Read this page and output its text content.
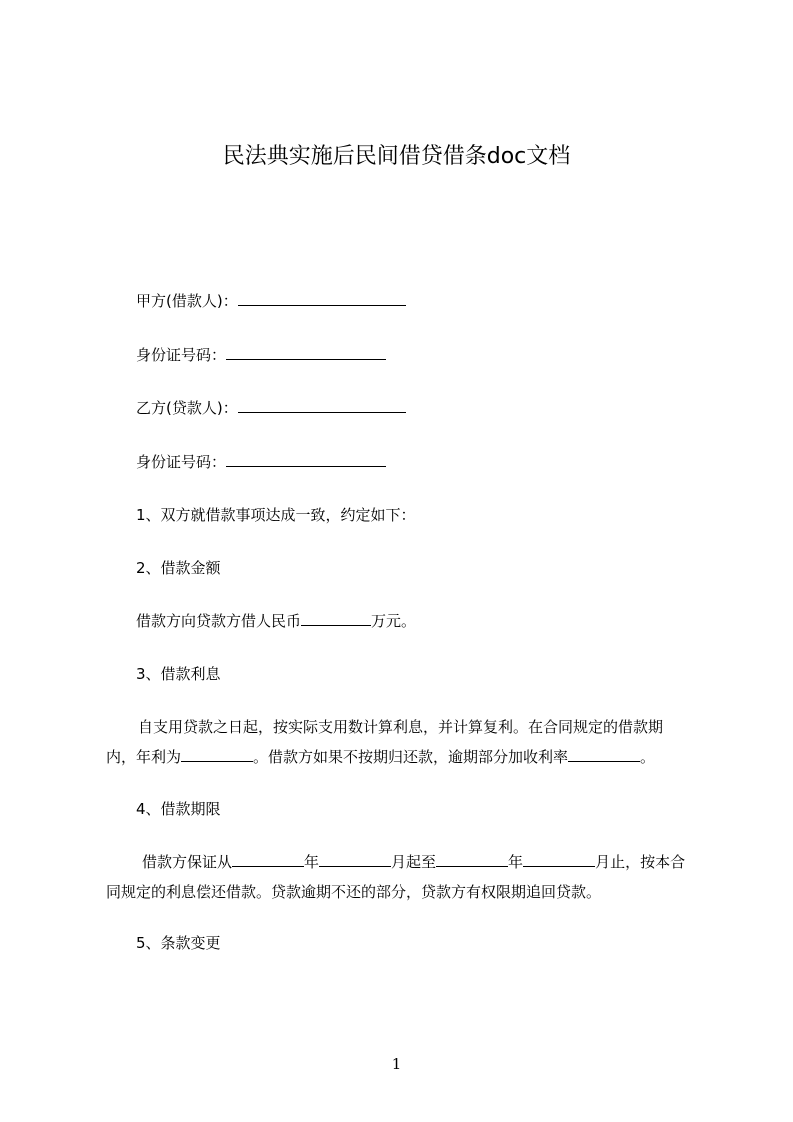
民法典实施后民间借贷借条doc文档
甲方(借款人)：
身份证号码：
乙方(贷款人)：
身份证号码：
1、双方就借款事项达成一致，约定如下：
2、借款金额
借款方向贷款方借人民币	万元。
3、借款利息
自支用贷款之日起，按实际支用数计算利息，并计算复利。在合同规定的借款期
内，年利为	。借款方如果不按期归还款，逾期部分加收利率	。
4、借款期限
借款方保证从	年	月起至	年	月止，按本合
同规定的利息偿还借款。贷款逾期不还的部分，贷款方有权限期追回贷款。
5、条款变更
1
